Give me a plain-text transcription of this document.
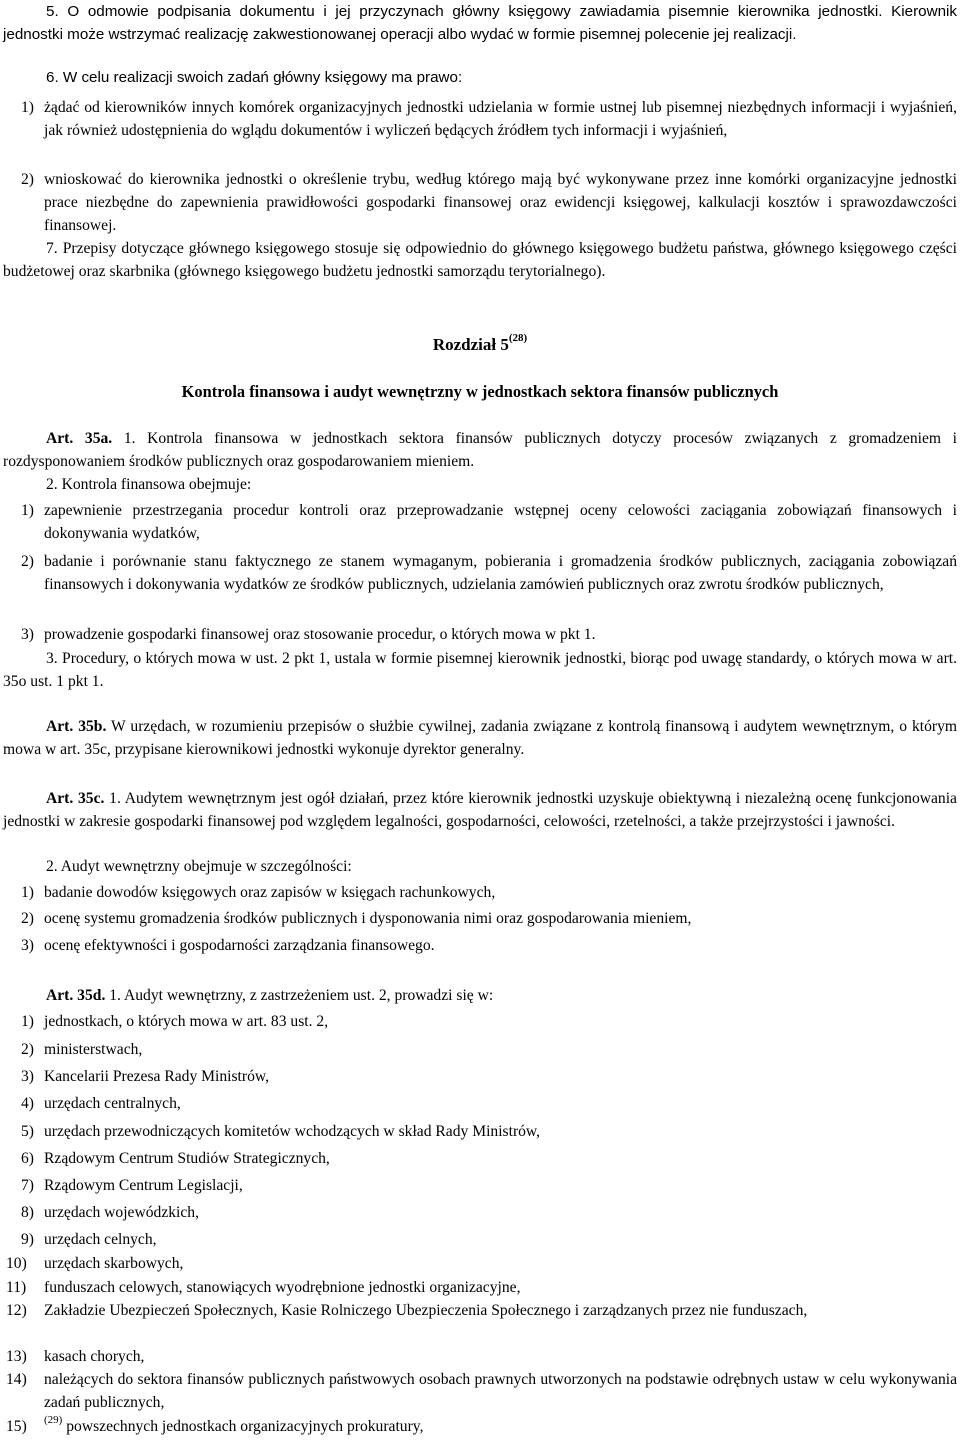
5. O odmowie podpisania dokumentu i jej przyczynach główny księgowy zawiadamia pisemnie kierownika jednostki. Kierownik jednostki może wstrzymać realizację zakwestionowanej operacji albo wydać w formie pisemnej polecenie jej realizacji.

6. W celu realizacji swoich zadań główny księgowy ma prawo:

1) żądać od kierowników innych komórek organizacyjnych jednostki udzielania w formie ustnej lub pisemnej niezbędnych informacji i wyjaśnień, jak również udostępnienia do wglądu dokumentów i wyliczeń będących źródłem tych informacji i wyjaśnień,
2) wnioskować do kierownika jednostki o określenie trybu, według którego mają być wykonywane przez inne komórki organizacyjne jednostki prace niezbędne do zapewnienia prawidłowości gospodarki finansowej oraz ewidencji księgowej, kalkulacji kosztów i sprawozdawczości finansowej.

7. Przepisy dotyczące głównego księgowego stosuje się odpowiednio do głównego księgowego budżetu państwa, głównego księgowego części budżetowej oraz skarbnika (głównego księgowego budżetu jednostki samorządu terytorialnego).

Rozdział 5$^{(28)}$

Kontrola finansowa i audyt wewnętrzny w jednostkach sektora finansów publicznych

Art. 35a. 1. Kontrola finansowa w jednostkach sektora finansów publicznych dotyczy procesów związanych z gromadzeniem i rozdysponowaniem środków publicznych oraz gospodarowaniem mieniem.

2. Kontrola finansowa obejmuje:

1) zapewnienie przestrzegania procedur kontroli oraz przeprowadzanie wstępnej oceny celowości zaciągania zobowiązań finansowych i dokonywania wydatków,
2) badanie i porównanie stanu faktycznego ze stanem wymaganym, pobierania i gromadzenia środków publicznych, zaciągania zobowiązań finansowych i dokonywania wydatków ze środków publicznych, udzielania zamówień publicznych oraz zwrotu środków publicznych,
3) prowadzenie gospodarki finansowej oraz stosowanie procedur, o których mowa w pkt 1.

3. Procedury, o których mowa w ust. 2 pkt 1, ustala w formie pisemnej kierownik jednostki, biorąc pod uwagę standardy, o których mowa w art. 35o ust. 1 pkt 1.

Art. 35b. W urzędach, w rozumieniu przepisów o służbie cywilnej, zadania związane z kontrolą finansową i audytem wewnętrznym, o którym mowa w art. 35c, przypisane kierownikowi jednostki wykonuje dyrektor generalny.

Art. 35c. 1. Audytem wewnętrznym jest ogół działań, przez które kierownik jednostki uzyskuje obiektywną i niezależną ocenę funkcjonowania jednostki w zakresie gospodarki finansowej pod względem legalności, gospodarności, celowości, rzetelności, a także przejrzystości i jawności.

2. Audyt wewnętrzny obejmuje w szczególności:

1) badanie dowodów księgowych oraz zapisów w księgach rachunkowych,
2) ocenę systemu gromadzenia środków publicznych i dysponowania nimi oraz gospodarowania mieniem,
3) ocenę efektywności i gospodarności zarządzania finansowego.

Art. 35d. 1. Audyt wewnętrzny, z zastrzeżeniem ust. 2, prowadzi się w:

1) jednostkach, o których mowa w art. 83 ust. 2,
2) ministerstwach,
3) Kancelarii Prezesa Rady Ministrów,
4) urzędach centralnych,
5) urzędach przewodniczących komitetów wchodzących w skład Rady Ministrów,
6) Rządowym Centrum Studiów Strategicznych,
7) Rządowym Centrum Legislacji,
8) urzędach wojewódzkich,
9) urzędach celnych,
10) urzędach skarbowych,
11) funduszach celowych, stanowiących wyodrębnione jednostki organizacyjne,
12) Zakładzie Ubezpieczeń Społecznych, Kasie Rolniczego Ubezpieczenia Społecznego i zarządzanych przez nie funduszach,
13) kasach chorych,
14) należących do sektora finansów publicznych państwowych osobach prawnych utworzonych na podstawie odrębnych ustaw w celu wykonywania zadań publicznych,
15) $^{(29)}$ powszechnych jednostkach organizacyjnych prokuratury,
